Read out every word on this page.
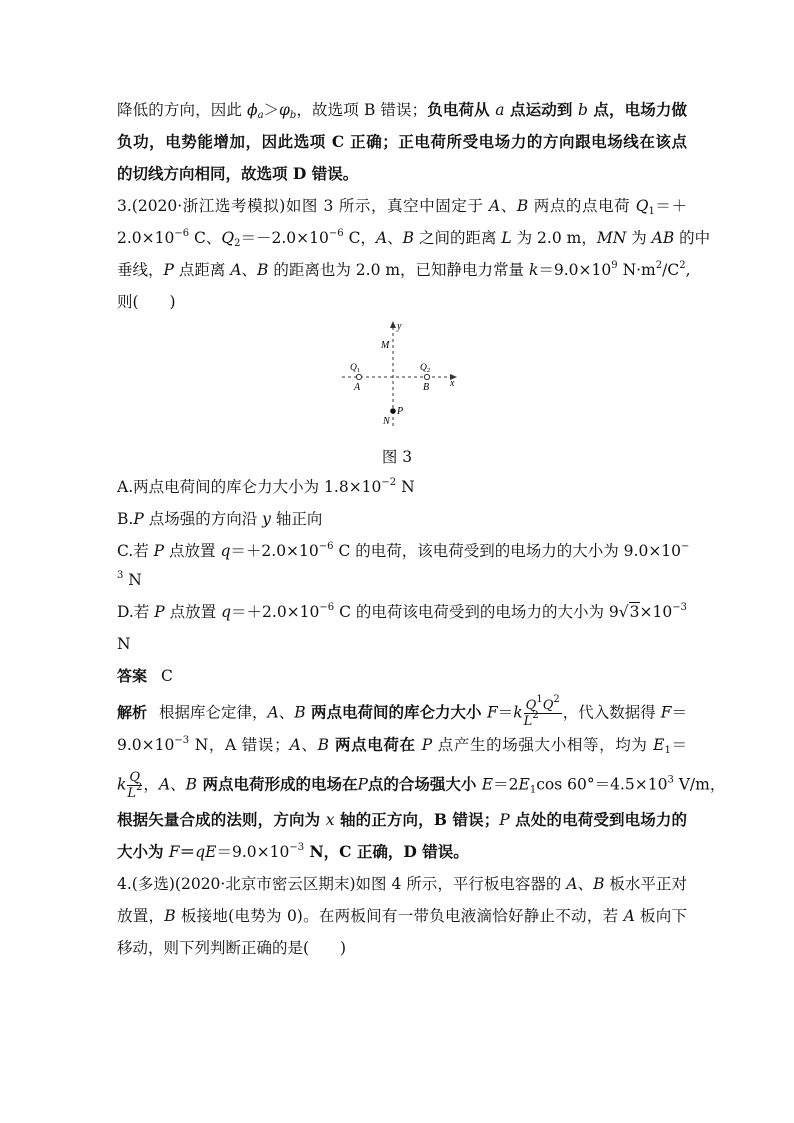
降低的方向，因此 $\phi_a>\varphi_b$，故选项 B 错误；负电荷从 a 点运动到 b 点，电场力做
负功，电势能增加，因此选项 C 正确；正电荷所受电场力的方向跟电场线在该点
的切线方向相同，故选项 D 错误。
3.(2020·浙江选考模拟)如图 3 所示，真空中固定于 A、B 两点的点电荷 $Q_1=+$
$2.0\times 10^{-6}$ C、$Q_2=-2.0\times 10^{-6}$ C，A、B 之间的距离 L 为 2.0 m，MN 为 AB 的中
垂线，P 点距离 A、B 的距离也为 2.0 m，已知静电力常量 $k=9.0\times 10^9$ $N\cdot m^2/C^2$,
则(　　)
y
x
M
$Q_1$	$Q_2$
A	B
P
N
图 3
A.两点电荷间的库仑力大小为 $1.8\times 10^{-2}$ N
B.P 点场强的方向沿 y 轴正向
C.若 P 点放置 $q=+2.0\times 10^{-6}$ C 的电荷，该电荷受到的电场力的大小为 9.0×10−
$^3$ N
D.若 P 点放置 $q=+2.0\times 10^{-6}$ C 的电荷该电荷受到的电场力的大小为 $9√3\times 10^{-3}$
N
答案 C
解析 根据库仑定律，A、B 两点电荷间的库仑力大小 $F=k \frac{Q^1Q^2}{L^2}$ ，代入数据得 F＝
$9.0\times 10^{-3}$ N，A 错误；A、B 两点电荷在 P 点产生的场强大小相等，均为 $E_1=$
k $\frac{Q}{L^2}$ ，A、B 两点电荷形成的电场在P点的合场强大小 $E=2E_1\cos$ $60^\circ=4.5\times 10^3$ V/m，
根据矢量合成的法则，方向为 x 轴的正方向，B 错误；P 点处的电荷受到电场力的
大小为 $F=qE=9.0\times 10^{-3}$ N，C 正确，D 错误。
4.(多选)(2020·北京市密云区期末)如图 4 所示，平行板电容器的 A、B 板水平正对
放置，B 板接地(电势为 0)。在两板间有一带负电液滴恰好静止不动，若 A 板向下
移动，则下列判断正确的是(　　)
